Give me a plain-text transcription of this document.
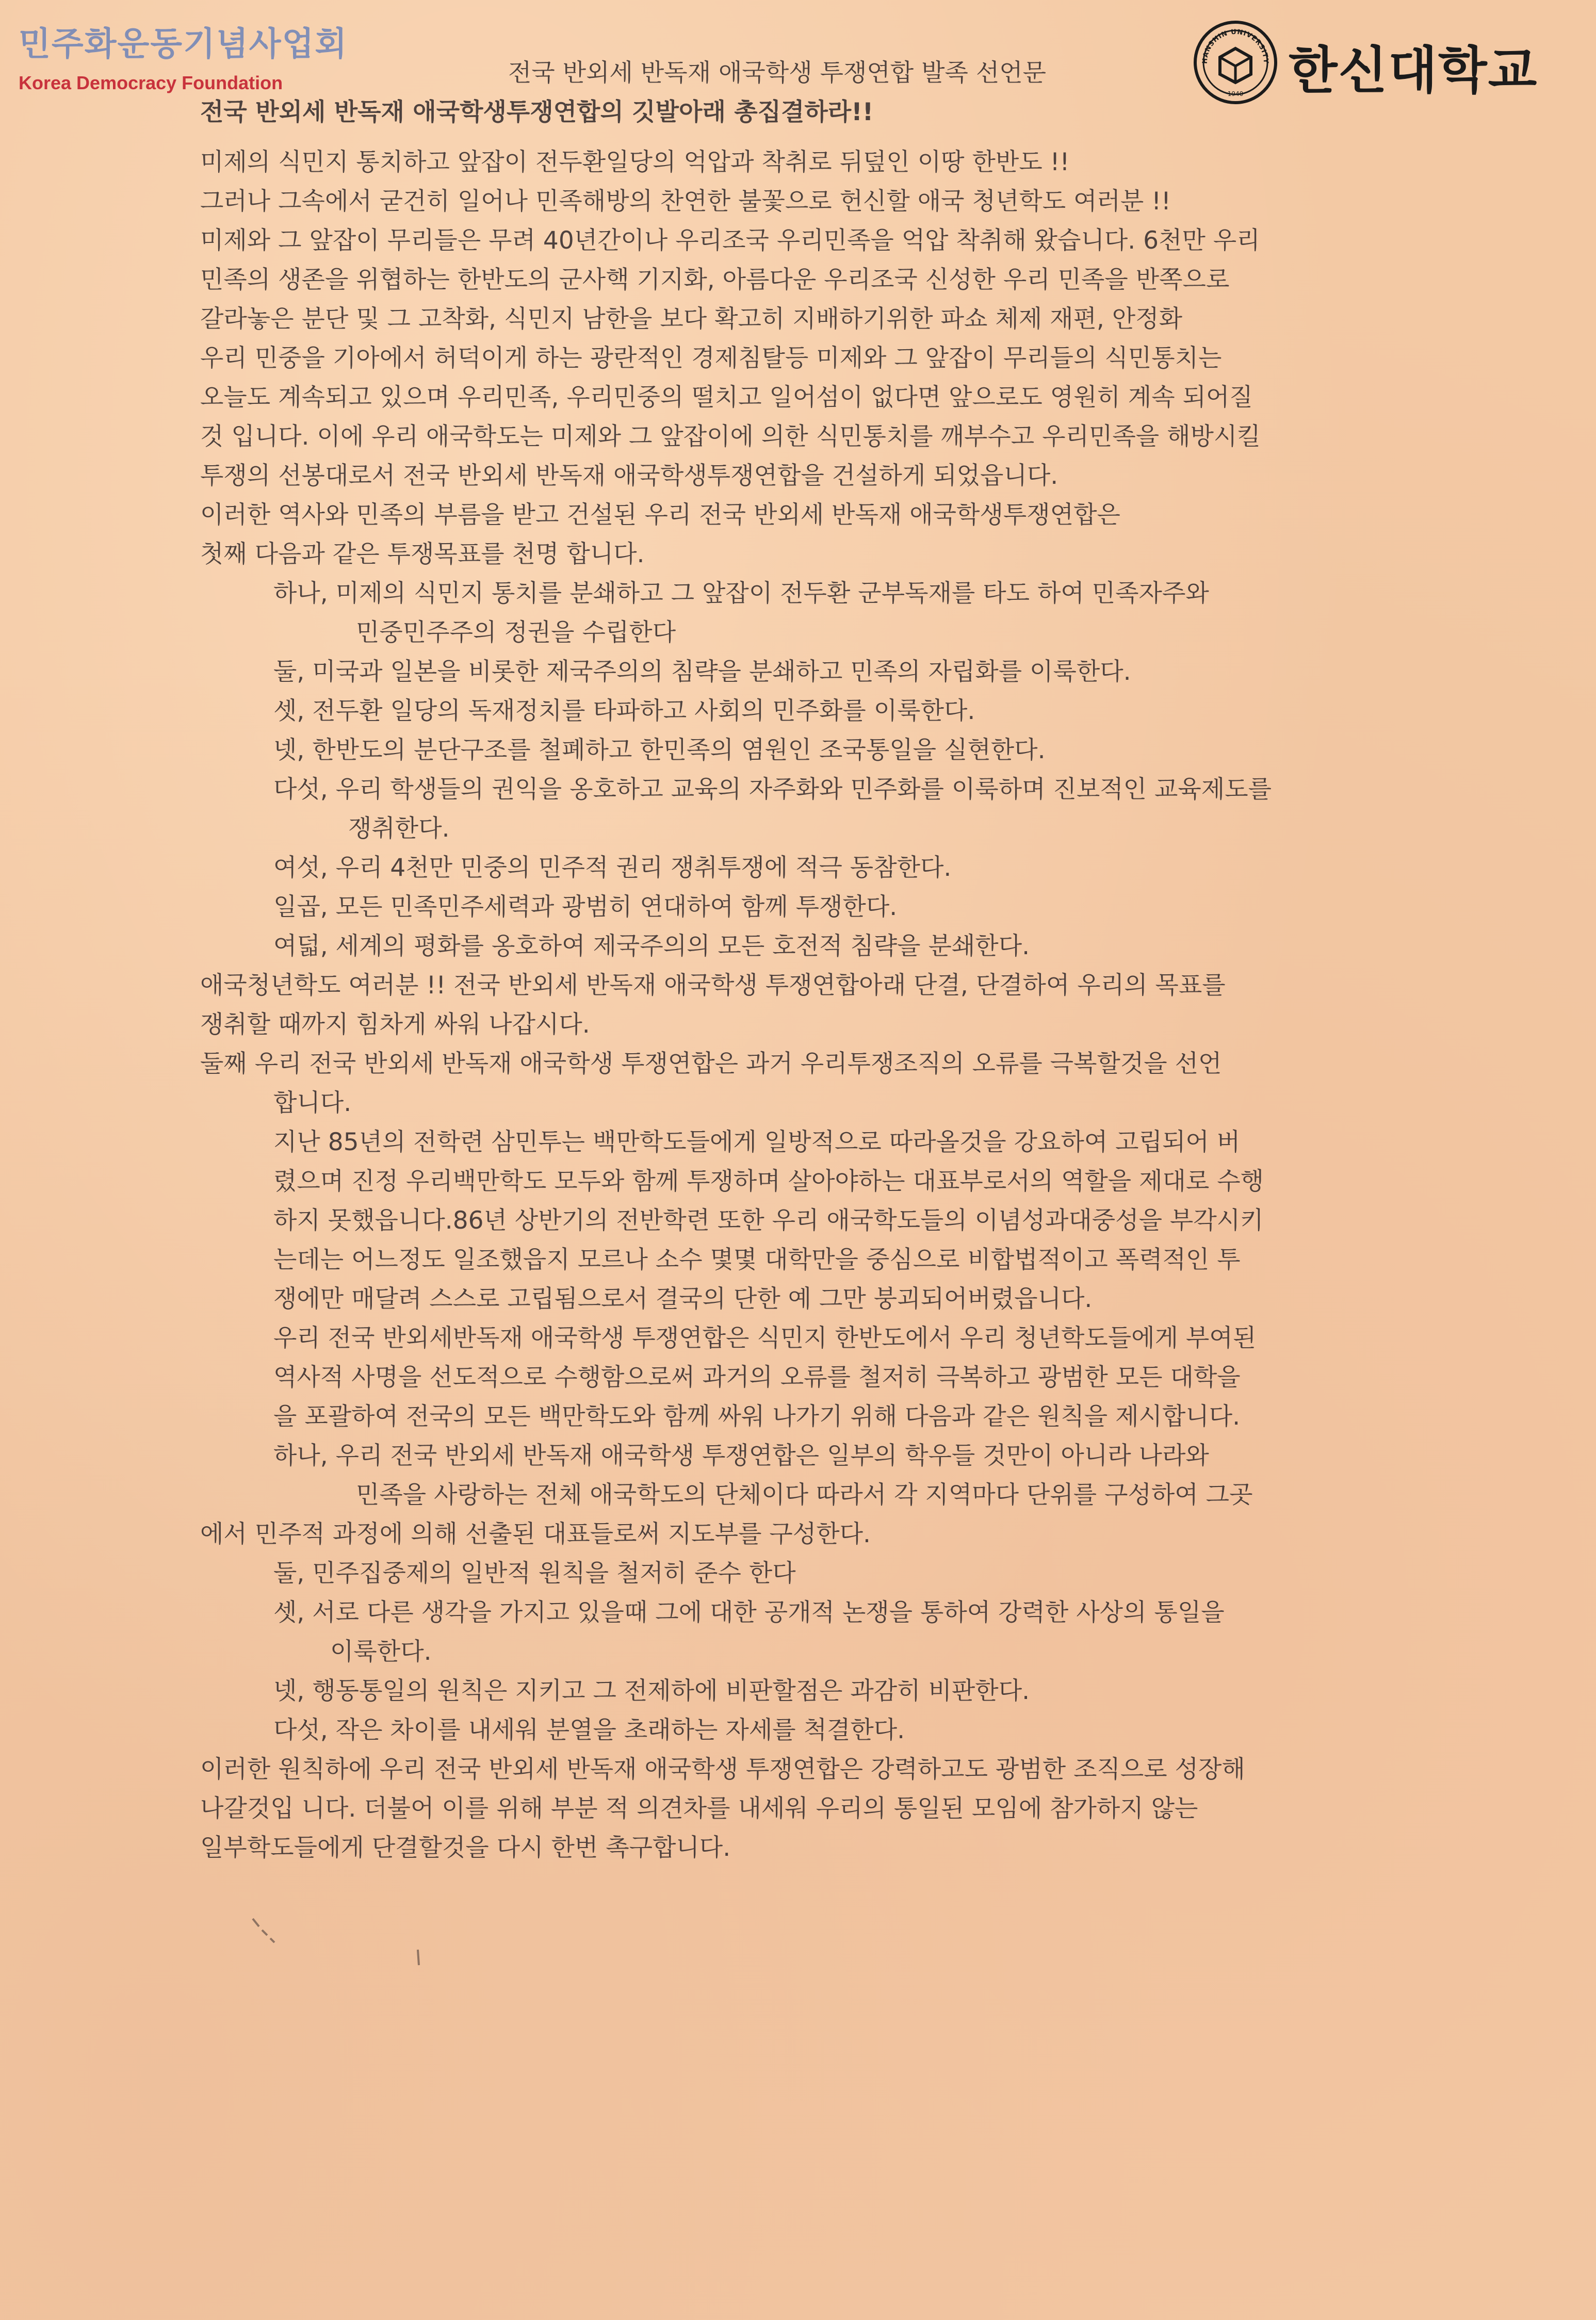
민주화운동기념사업회
Korea Democracy Foundation
HANSHIN UNIVERSITY
1940 한신대학교
전국 반외세 반독재 애국학생 투쟁연합 발족 선언문
전국 반외세 반독재 애국학생투쟁연합의 깃발아래 총집결하라!!
미제의 식민지 통치하고 앞잡이 전두환일당의 억압과 착취로 뒤덮인 이땅 한반도 !!
그러나 그속에서 굳건히 일어나 민족해방의 찬연한 불꽃으로 헌신할 애국 청년학도 여러분 !!
미제와 그 앞잡이 무리들은 무려 40년간이나 우리조국 우리민족을 억압 착취해 왔습니다. 6천만 우리
민족의 생존을 위협하는 한반도의 군사핵 기지화, 아름다운 우리조국 신성한 우리 민족을 반쪽으로
갈라놓은 분단 및 그 고착화, 식민지 남한을 보다 확고히 지배하기위한 파쇼 체제 재편, 안정화
우리 민중을 기아에서 허덕이게 하는 광란적인 경제침탈등 미제와 그 앞잡이 무리들의 식민통치는
오늘도 계속되고 있으며 우리민족, 우리민중의 떨치고 일어섬이 없다면 앞으로도 영원히 계속 되어질
것 입니다. 이에 우리 애국학도는 미제와 그 앞잡이에 의한 식민통치를 깨부수고 우리민족을 해방시킬
투쟁의 선봉대로서 전국 반외세 반독재 애국학생투쟁연합을 건설하게 되었읍니다.
이러한 역사와 민족의 부름을 받고 건설된 우리 전국 반외세 반독재 애국학생투쟁연합은
첫째 다음과 같은 투쟁목표를 천명 합니다.
하나, 미제의 식민지 통치를 분쇄하고 그 앞잡이 전두환 군부독재를 타도 하여 민족자주와
민중민주주의 정권을 수립한다
둘, 미국과 일본을 비롯한 제국주의의 침략을 분쇄하고 민족의 자립화를 이룩한다.
셋, 전두환 일당의 독재정치를 타파하고 사회의 민주화를 이룩한다.
넷, 한반도의 분단구조를 철폐하고 한민족의 염원인 조국통일을 실현한다.
다섯, 우리 학생들의 권익을 옹호하고 교육의 자주화와 민주화를 이룩하며 진보적인 교육제도를
쟁취한다.
여섯, 우리 4천만 민중의 민주적 권리 쟁취투쟁에 적극 동참한다.
일곱, 모든 민족민주세력과 광범히 연대하여 함께 투쟁한다.
여덟, 세계의 평화를 옹호하여 제국주의의 모든 호전적 침략을 분쇄한다.
애국청년학도 여러분 !! 전국 반외세 반독재 애국학생 투쟁연합아래 단결, 단결하여 우리의 목표를
쟁취할 때까지 힘차게 싸워 나갑시다.
둘째 우리 전국 반외세 반독재 애국학생 투쟁연합은 과거 우리투쟁조직의 오류를 극복할것을 선언
합니다.
지난 85년의 전학련 삼민투는 백만학도들에게 일방적으로 따라올것을 강요하여 고립되어 버
렸으며 진정 우리백만학도 모두와 함께 투쟁하며 살아야하는 대표부로서의 역할을 제대로 수행
하지 못했읍니다.86년 상반기의 전반학련 또한 우리 애국학도들의 이념성과대중성을 부각시키
는데는 어느정도 일조했읍지 모르나 소수 몇몇 대학만을 중심으로 비합법적이고 폭력적인 투
쟁에만 매달려 스스로 고립됨으로서 결국의 단한 예 그만 붕괴되어버렸읍니다.
우리 전국 반외세반독재 애국학생 투쟁연합은 식민지 한반도에서 우리 청년학도들에게 부여된
역사적 사명을 선도적으로 수행함으로써 과거의 오류를 철저히 극복하고 광범한 모든 대학을
을 포괄하여 전국의 모든 백만학도와 함께 싸워 나가기 위해 다음과 같은 원칙을 제시합니다.
하나, 우리 전국 반외세 반독재 애국학생 투쟁연합은 일부의 학우들 것만이 아니라 나라와
민족을 사랑하는 전체 애국학도의 단체이다 따라서 각 지역마다 단위를 구성하여 그곳
에서 민주적 과정에 의해 선출된 대표들로써 지도부를 구성한다.
둘, 민주집중제의 일반적 원칙을 철저히 준수 한다
셋, 서로 다른 생각을 가지고 있을때 그에 대한 공개적 논쟁을 통하여 강력한 사상의 통일을
이룩한다.
넷, 행동통일의 원칙은 지키고 그 전제하에 비판할점은 과감히 비판한다.
다섯, 작은 차이를 내세워 분열을 초래하는 자세를 척결한다.
이러한 원칙하에 우리 전국 반외세 반독재 애국학생 투쟁연합은 강력하고도 광범한 조직으로 성장해
나갈것입 니다. 더불어 이를 위해 부분 적 의견차를 내세워 우리의 통일된 모임에 참가하지 않는
일부학도들에게 단결할것을 다시 한번 촉구합니다.
